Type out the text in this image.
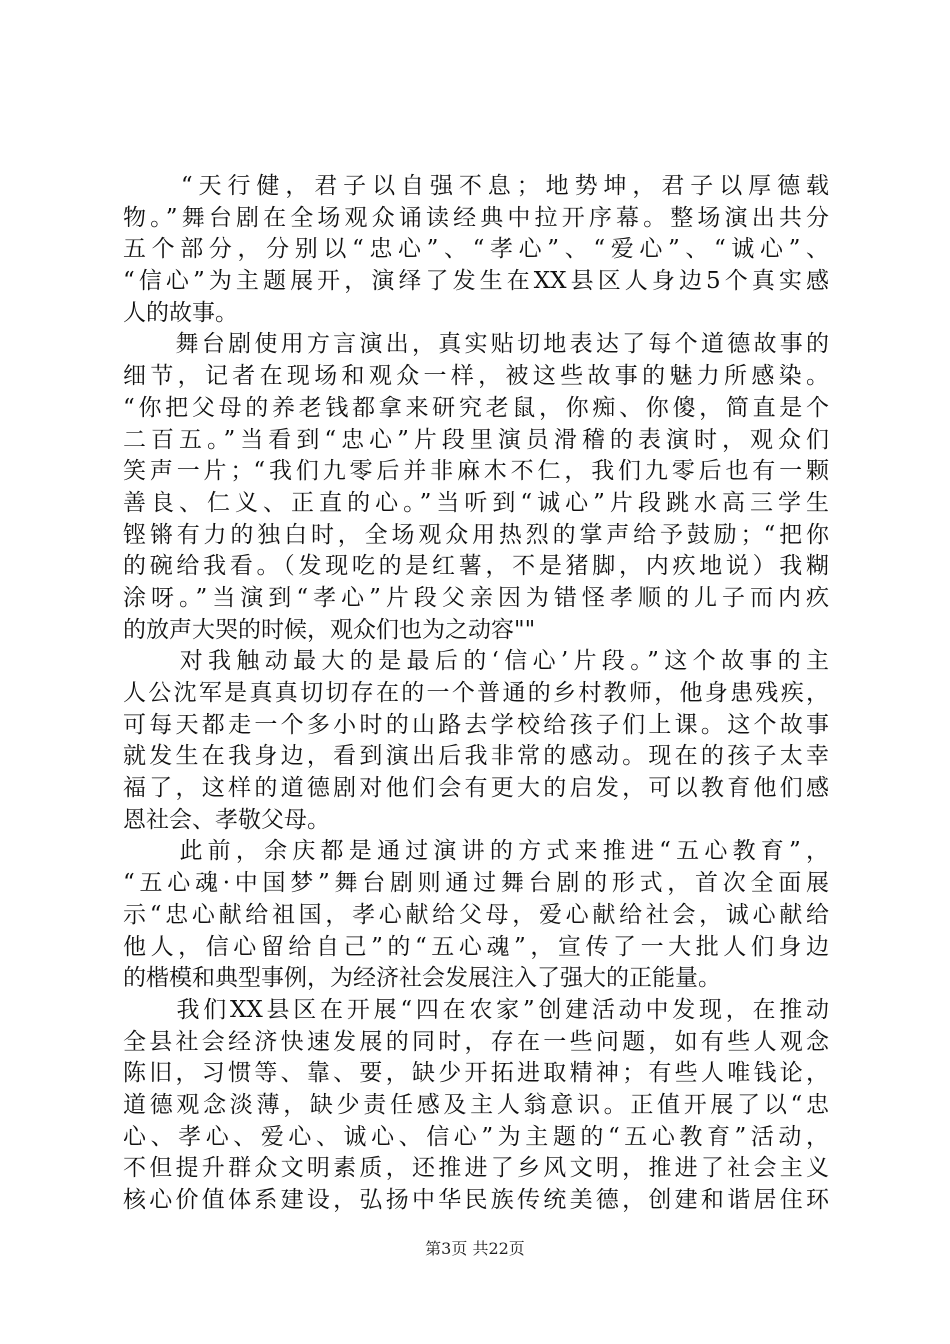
　　“天行健，君子以自强不息；地势坤，君子以厚德载
物。”舞台剧在全场观众诵读经典中拉开序幕。整场演出共分
五个部分，分别以“忠心”、“孝心”、“爱心”、“诚心”、
“信心”为主题展开，演绎了发生在XX县区人身边5个真实感
人的故事。
　　舞台剧使用方言演出，真实贴切地表达了每个道德故事的
细节，记者在现场和观众一样，被这些故事的魅力所感染。
“你把父母的养老钱都拿来研究老鼠，你痴、你傻，简直是个
二百五。”当看到“忠心”片段里演员滑稽的表演时，观众们
笑声一片；“我们九零后并非麻木不仁，我们九零后也有一颗
善良、仁义、正直的心。”当听到“诚心”片段跳水高三学生
铿锵有力的独白时，全场观众用热烈的掌声给予鼓励；“把你
的碗给我看。（发现吃的是红薯，不是猪脚，内疚地说）我糊
涂呀。”当演到“孝心”片段父亲因为错怪孝顺的儿子而内疚
的放声大哭的时候，观众们也为之动容""
　　对我触动最大的是最后的‘信心’片段。”这个故事的主
人公沈军是真真切切存在的一个普通的乡村教师，他身患残疾，
可每天都走一个多小时的山路去学校给孩子们上课。这个故事
就发生在我身边，看到演出后我非常的感动。现在的孩子太幸
福了，这样的道德剧对他们会有更大的启发，可以教育他们感
恩社会、孝敬父母。
　　此前，余庆都是通过演讲的方式来推进“五心教育”，
“五心魂·中国梦”舞台剧则通过舞台剧的形式，首次全面展
示“忠心献给祖国，孝心献给父母，爱心献给社会，诚心献给
他人，信心留给自己”的“五心魂”，宣传了一大批人们身边
的楷模和典型事例，为经济社会发展注入了强大的正能量。
　　我们XX县区在开展“四在农家”创建活动中发现，在推动
全县社会经济快速发展的同时，存在一些问题，如有些人观念
陈旧，习惯等、靠、要，缺少开拓进取精神；有些人唯钱论，
道德观念淡薄，缺少责任感及主人翁意识。正值开展了以“忠
心、孝心、爱心、诚心、信心”为主题的“五心教育”活动，
不但提升群众文明素质，还推进了乡风文明，推进了社会主义
核心价值体系建设，弘扬中华民族传统美德，创建和谐居住环
第3页 共22页
